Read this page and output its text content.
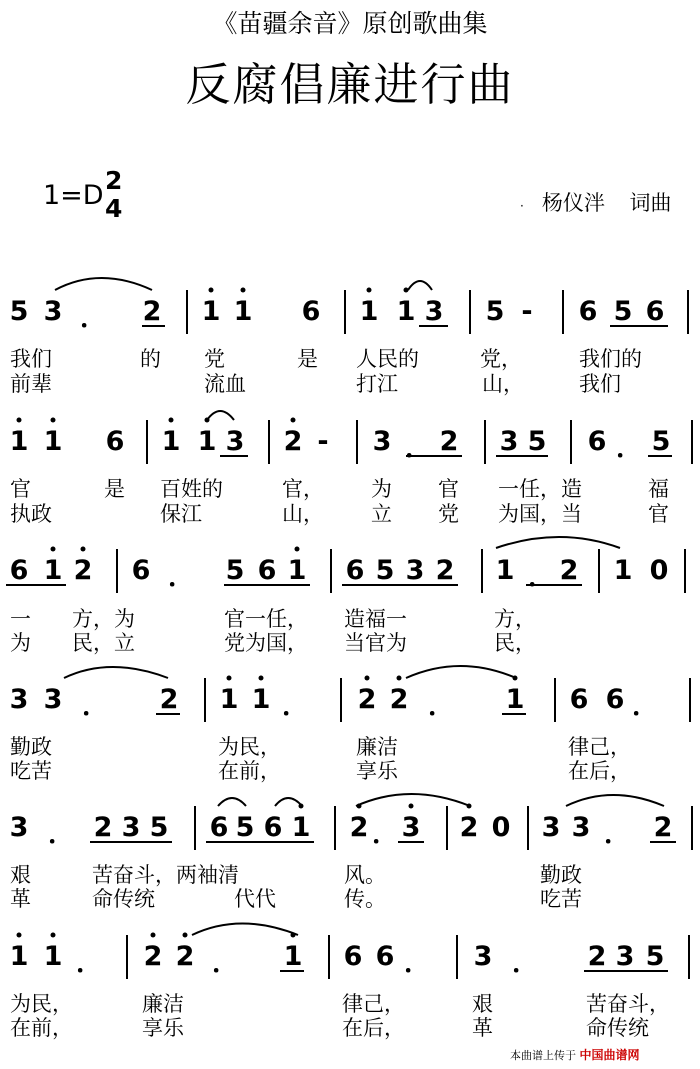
《苗疆余音》原创歌曲集
反腐倡廉进行曲
1=D 2
4	· 杨仪泮 词曲
5 3 ． 2 1 1 6 1 1 3 5 - 6 5 6
我们	的 党	是 人民的	党，	我们的
前辈	流血	打江	山，	我们
1 1 6 1 1 3 2 - 3 ． 2 3 5 6 ． 5
官	是 百姓的	官， 为 官 一任，造	福
执政	保江	山， 立 党 为国，当	官
6 1 2 6 ． 5 6 1 6 5 3 2 1 ． 2 1 0
一 方，为	官一任， 造福一	方，
为 民，立	党为国， 当官为	民，
3 3 ． 2 1 1 ． 2 2 ． 1 6 6 ．
勤政	为民，	廉洁	律己，
吃苦	在前，	享乐	在后，
3 ． 2 3 5 6 5 6 1 2 ． 3 2 0 3 3 ． 2
艰	苦奋斗，两袖清	风。	勤政
革	命传统	代代	传。	吃苦
1 1 ． 2 2 ． 1 6 6 ． 3 ． 2 3 5
为民，	廉洁	律己，	艰	苦奋斗，
在前，	享乐	在后，	革	命传统
本曲谱上传于 中国曲谱网
